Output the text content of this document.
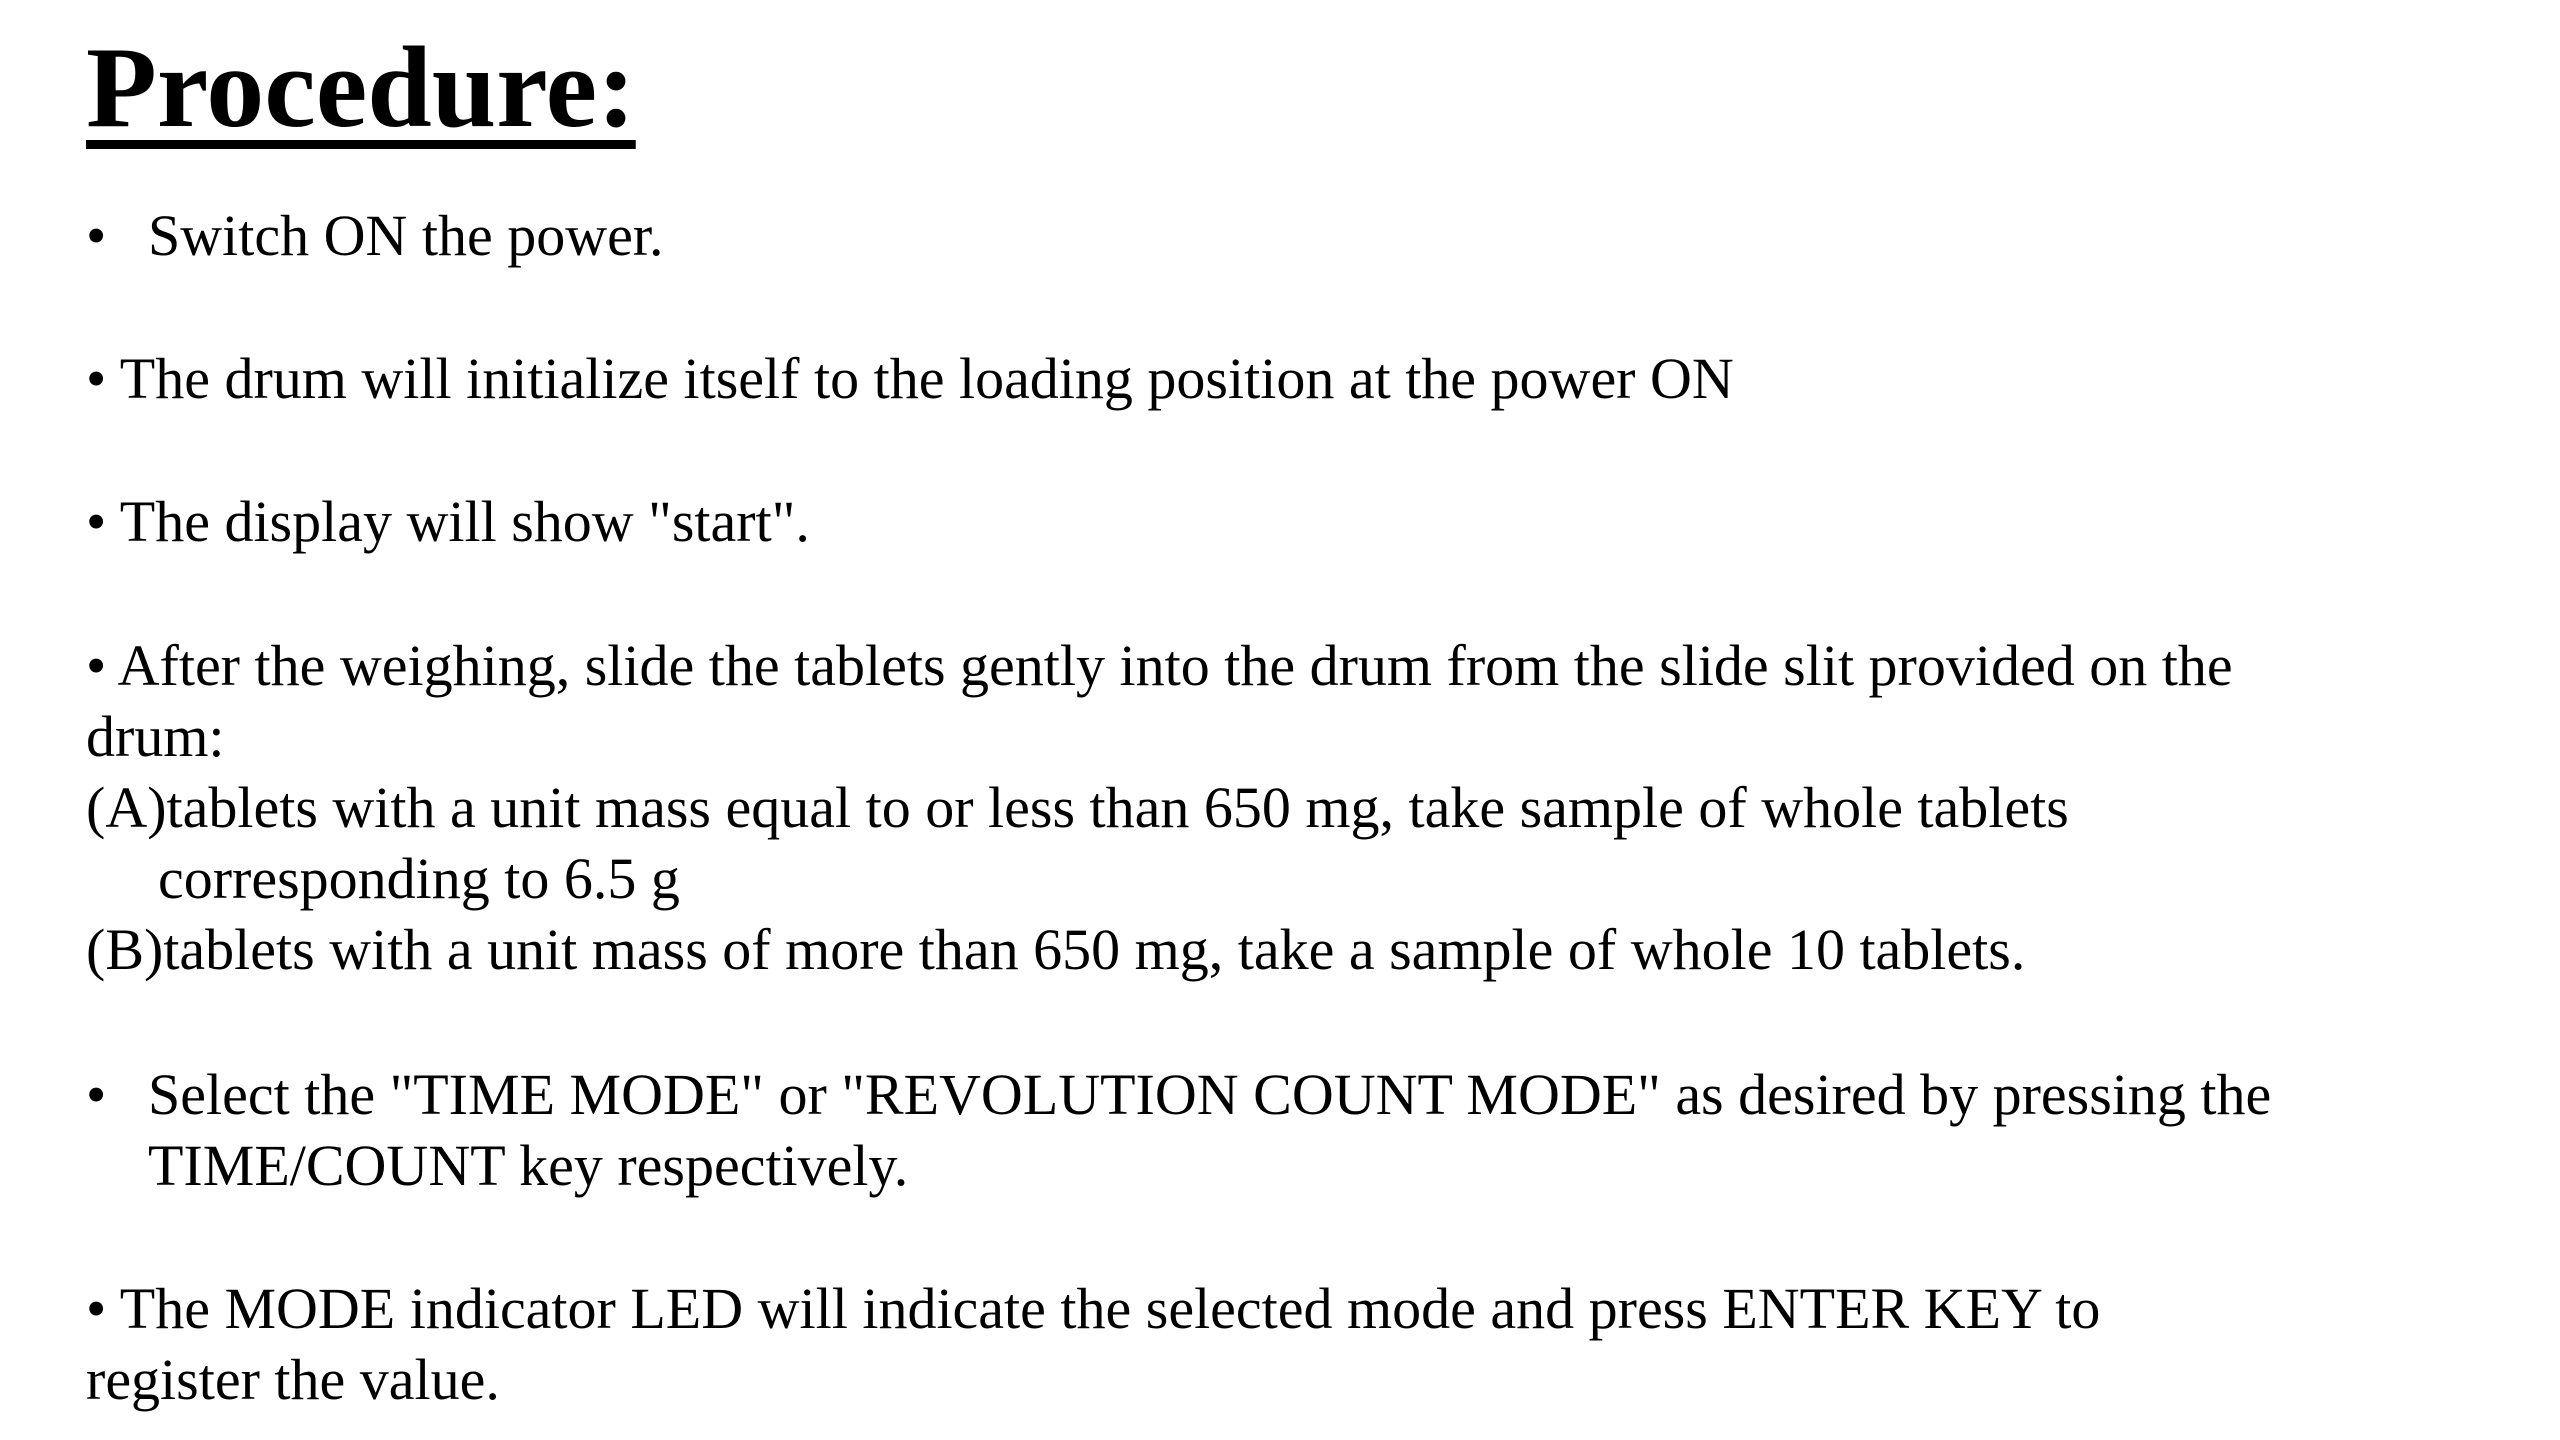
Procedure:
• Switch ON the power.
• The drum will initialize itself to the loading position at the power ON
• The display will show "start".
• After the weighing, slide the tablets gently into the drum from the slide slit provided on the
drum:
(A)tablets with a unit mass equal to or less than 650 mg, take sample of whole tablets
corresponding to 6.5 g
(B)tablets with a unit mass of more than 650 mg, take a sample of whole 10 tablets.
• Select the "TIME MODE" or "REVOLUTION COUNT MODE" as desired by pressing the
TIME/COUNT key respectively.
• The MODE indicator LED will indicate the selected mode and press ENTER KEY to
register the value.
